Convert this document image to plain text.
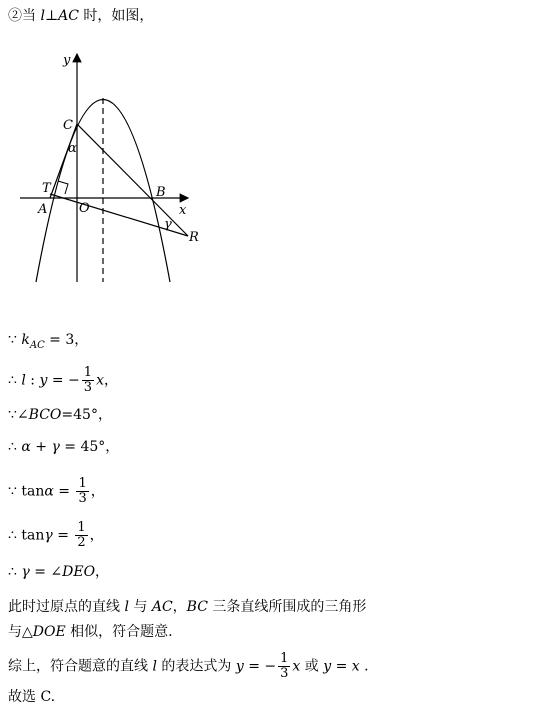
②当 l⊥AC 时，如图，
y
x
C
α
T
A O
B
γ
R
∵ $k_{AC} = 3$，
∴ l : y = − $\frac{1}{3}$ x，
∵∠BCO=45°，
∴ α + γ = 45°，
∵ $\tan\alpha = \frac{1}{3}$ ，
∴ $\tan\gamma = \frac{1}{2}$ ，
∴ γ = ∠DEO，
此时过原点的直线 l 与 AC，BC 三条直线所围成的三角形
与△DOE 相似，符合题意.
综上，符合题意的直线 l 的表达式为 y = − $\frac{1}{3}$ x 或 y = x .
故选 C.
